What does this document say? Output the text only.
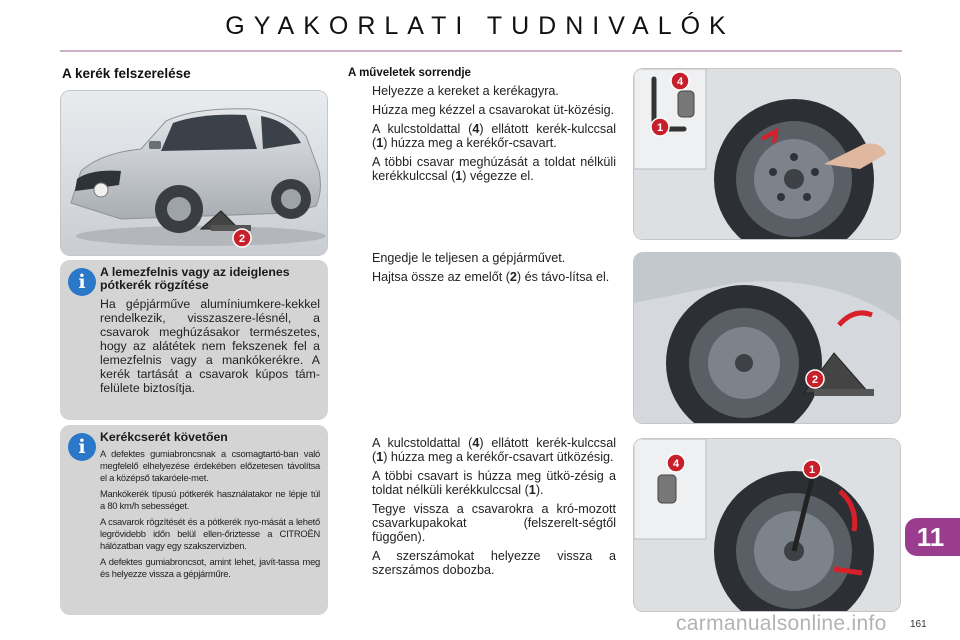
GYAKORLATI TUDNIVALÓK
A kerék felszerelése
2
i	A lemezfelnis vagy az ideiglenes pótkerék rögzítése

Ha gépjárműve alumíniumkere-kekkel rendelkezik, visszaszere-lésnél, a csavarok meghúzásakor természetes, hogy az alátétek nem fekszenek fel a lemezfelnis vagy a mankókerékre. A kerék tartását a csavarok kúpos tám-felülete biztosítja.

i	Kerékcserét követően

A defektes gumiabroncsnak a csomagtartó-ban való megfelelő elhelyezése érdekében előzetesen távolítsa el a középső takaróele-met.

Mankókerék típusú pótkerék használatakor ne lépje túl a 80 km/h sebességet.

A csavarok rögzítését és a pótkerék nyo-mását a lehető legrövidebb időn belül ellen-őriztesse a CITROËN hálózatban vagy egy szakszervizben.

A defektes gumiabroncsot, amint lehet, javít-tassa meg és helyezze vissza a gépjárműre.

A műveletek sorrendje
Helyezze a kereket a kerékagyra.
Húzza meg kézzel a csavarokat üt-közésig.
A kulcstoldattal (4) ellátott kerék-kulccsal (1) húzza meg a kerékőr-csavart.
A többi csavar meghúzását a toldat nélküli kerékkulccsal (1) végezze el.
Engedje le teljesen a gépjárművet.
Hajtsa össze az emelőt (2) és távo-lítsa el.
A kulcstoldattal (4) ellátott kerék-kulccsal (1) húzza meg a kerékőr-csavart ütközésig.
A többi csavart is húzza meg ütkö-zésig a toldat nélküli kerékkulccsal (1).
Tegye vissza a csavarokra a kró-mozott csavarkupakokat (felszerelt-ségtől függően).
A szerszámokat helyezze vissza a szerszámos dobozba.
4
1
2
4	1
11
carmanualsonline.info 161
